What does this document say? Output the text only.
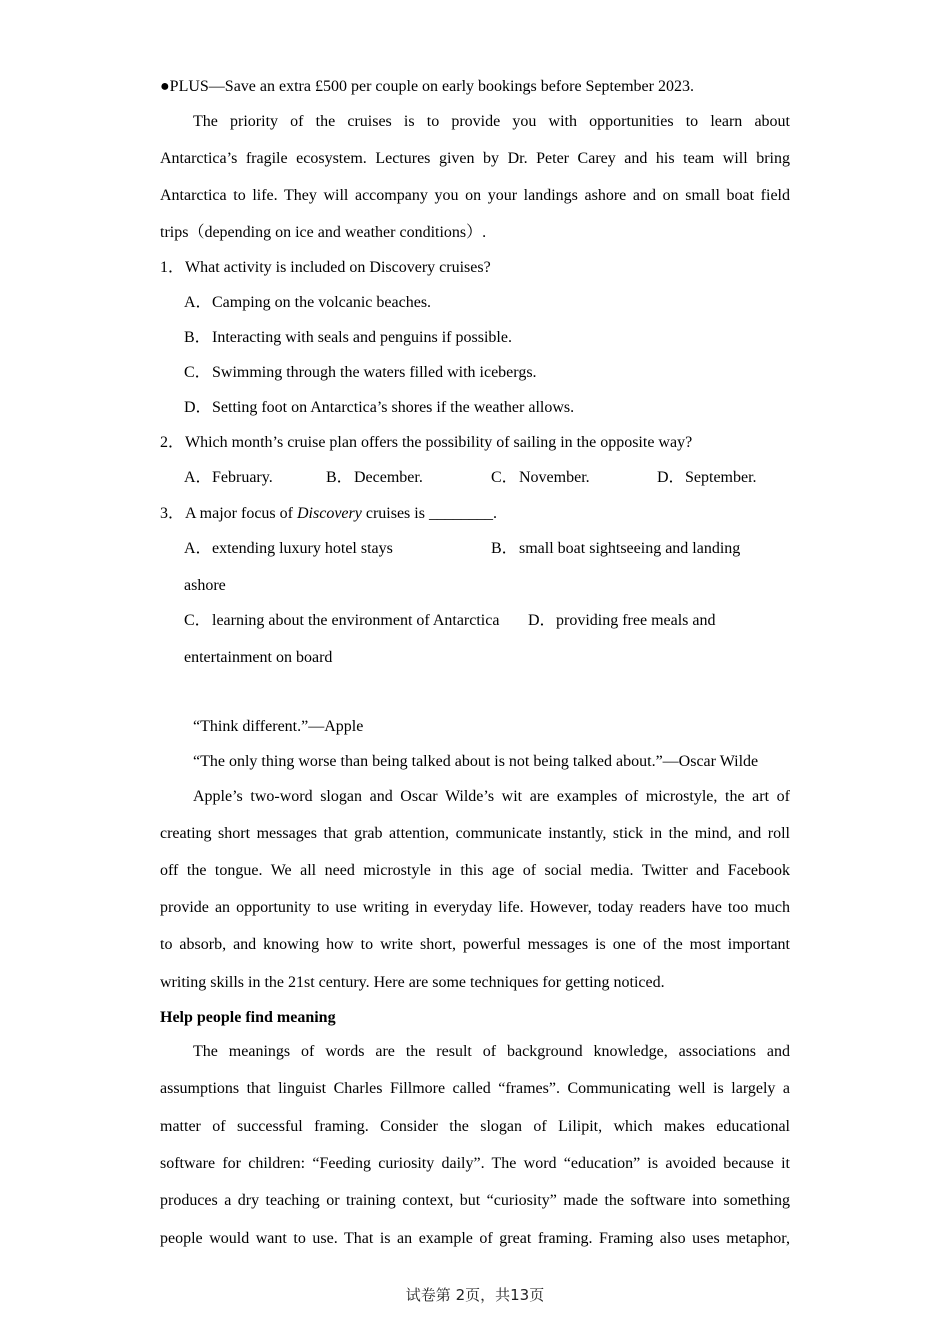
●PLUS—Save an extra £500 per couple on early bookings before September 2023.
The priority of the cruises is to provide you with opportunities to learn about
Antarctica’s fragile ecosystem. Lectures given by Dr. Peter Carey and his team will bring
Antarctica to life. They will accompany you on your landings ashore and on small boat field
trips（depending on ice and weather conditions）.
1．What activity is included on Discovery cruises?
A．Camping on the volcanic beaches.
B．Interacting with seals and penguins if possible.
C．Swimming through the waters filled with icebergs.
D．Setting foot on Antarctica’s shores if the weather allows.
2．Which month’s cruise plan offers the possibility of sailing in the opposite way?
A．February.	B．December.	C．November.	D．September.
3．A major focus of Discovery cruises is ________.
A．extending luxury hotel stays	B．small boat sightseeing and landing
ashore
C．learning about the environment of Antarctica D．providing free meals and
entertainment on board
“Think different.”—Apple
“The only thing worse than being talked about is not being talked about.”—Oscar Wilde
Apple’s two-word slogan and Oscar Wilde’s wit are examples of microstyle, the art of
creating short messages that grab attention, communicate instantly, stick in the mind, and roll
off the tongue. We all need microstyle in this age of social media. Twitter and Facebook
provide an opportunity to use writing in everyday life. However, today readers have too much
to absorb, and knowing how to write short, powerful messages is one of the most important
writing skills in the 21st century. Here are some techniques for getting noticed.
Help people find meaning
The meanings of words are the result of background knowledge, associations and
assumptions that linguist Charles Fillmore called “frames”. Communicating well is largely a
matter of successful framing. Consider the slogan of Lilipit, which makes educational
software for children: “Feeding curiosity daily”. The word “education” is avoided because it
produces a dry teaching or training context, but “curiosity” made the software into something
people would want to use. That is an example of great framing. Framing also uses metaphor,
试卷第 2页，共13页
